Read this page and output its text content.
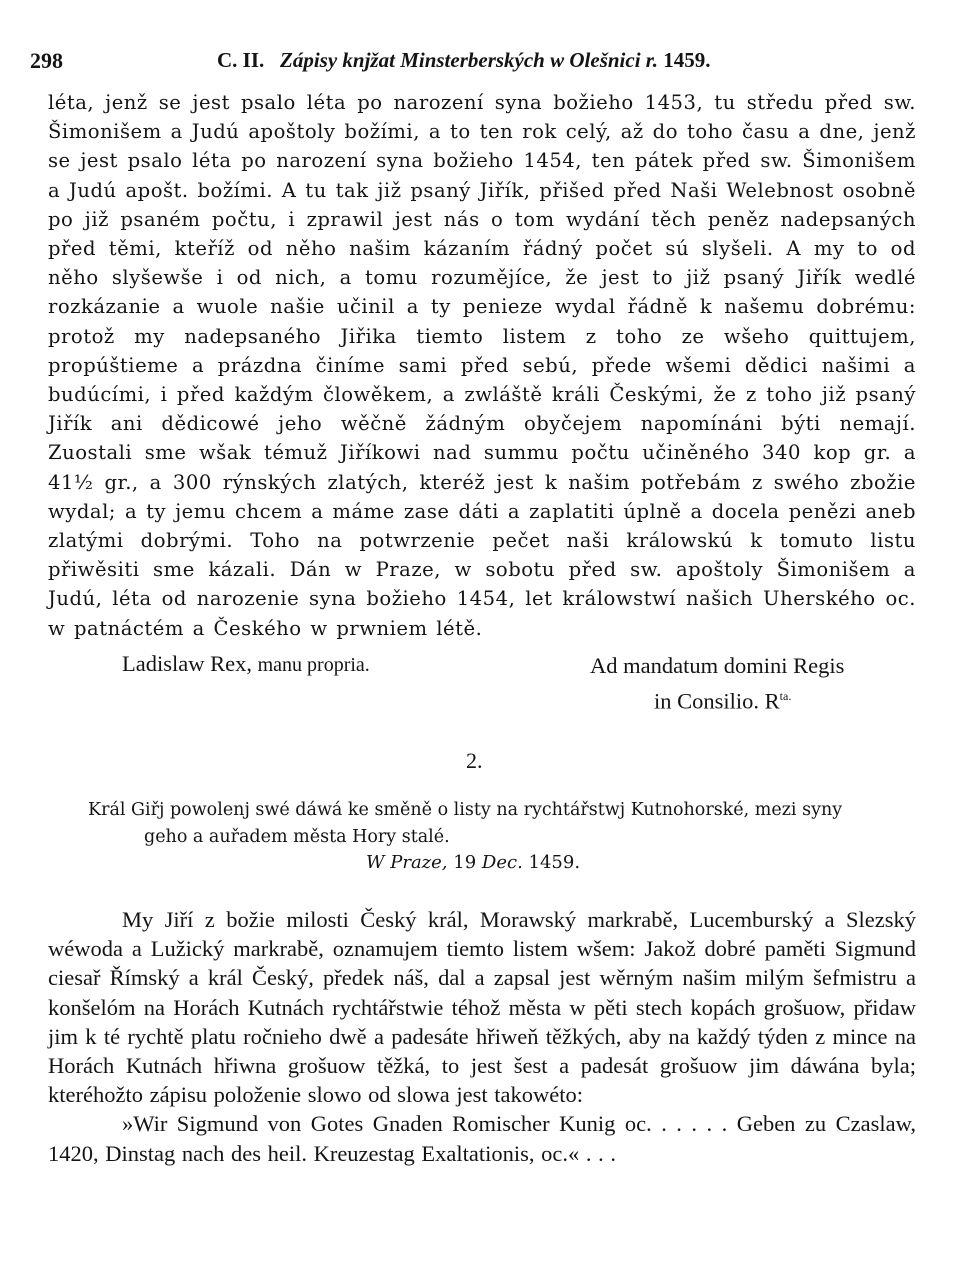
298	C. II. Zápisy knjžat Minsterberských w Olešnici r. 1459.

léta, jenž se jest psalo léta po narození syna božieho 1453, tu středu před sw. Šimonišem a Judú apoštoly božími, a to ten rok celý, až do toho času a dne, jenž se jest psalo léta po narození syna božieho 1454, ten pátek před sw. Šimonišem a Judú apošt. božími. A tu tak již psaný Jiřík, přišed před Naši Welebnost osobně po již psaném počtu, i zprawil jest nás o tom wydání těch peněz nadepsaných před těmi, kteříž od něho našim kázaním řádný počet sú slyšeli. A my to od něho slyšewše i od nich, a tomu rozumějíce, že jest to již psaný Jiřík wedlé rozkázanie a wuole našie učinil a ty penieze wydal řádně k našemu dobrému: protož my nadepsaného Jiřika tiemto listem z toho ze wšeho quittujem, propúštieme a prázdna činíme sami před sebú, přede wšemi dědici našimi a budúcími, i před každým člowěkem, a zwláště králi Českými, že z toho již psaný Jiřík ani dědicowé jeho wěčně žádným obyčejem napomínáni býti nemají. Zuostali sme wšak témuž Jiříkowi nad summu počtu učiněného 340 kop gr. a 41½ gr., a 300 rýnských zlatých, kteréž jest k našim potřebám z swého zbožie wydal; a ty jemu chcem a máme zase dáti a zaplatiti úplně a docela penězi aneb zlatými dobrými. Toho na potwrzenie pečet naši králowskú k tomuto listu přiwěsiti sme kázali. Dán w Praze, w sobotu před sw. apoštoly Šimonišem a Judú, léta od narozenie syna božieho 1454, let králowstwí našich Uherského oc. w patnáctém a Českého w prwniem létě.

Ladislaw Rex, manu propria.	Ad mandatum domini Regis
in Consilio. $R^{ta.}$
2.
Král Giřj powolenj swé dáwá ke směně o listy na rychtářstwj Kutnohorské, mezi syny
geho a auřadem města Hory stalé.
W Praze, 19 Dec. 1459.

My Jiří z božie milosti Český král, Morawský markrabě, Lucemburský a Slezský wéwoda a Lužický markrabě, oznamujem tiemto listem wšem: Jakož dobré paměti Sigmund ciesař Římský a král Český, předek náš, dal a zapsal jest wěrným našim milým šefmistru a konšelóm na Horách Kutnách rychtářstwie téhož města w pěti stech kopách grošuow, přidaw jim k té rychtě platu ročnieho dwě a padesáte hřiweň těžkých, aby na každý týden z mince na Horách Kutnách hřiwna grošuow těžká, to jest šest a padesát grošuow jim dáwána byla; kteréhožto zápisu položenie slowo od slowa jest takowéto:

»Wir Sigmund von Gotes Gnaden Romischer Kunig oc. . . . . . Geben zu Czaslaw, 1420, Dinstag nach des heil. Kreuzestag Exaltationis, oc.« . . .
